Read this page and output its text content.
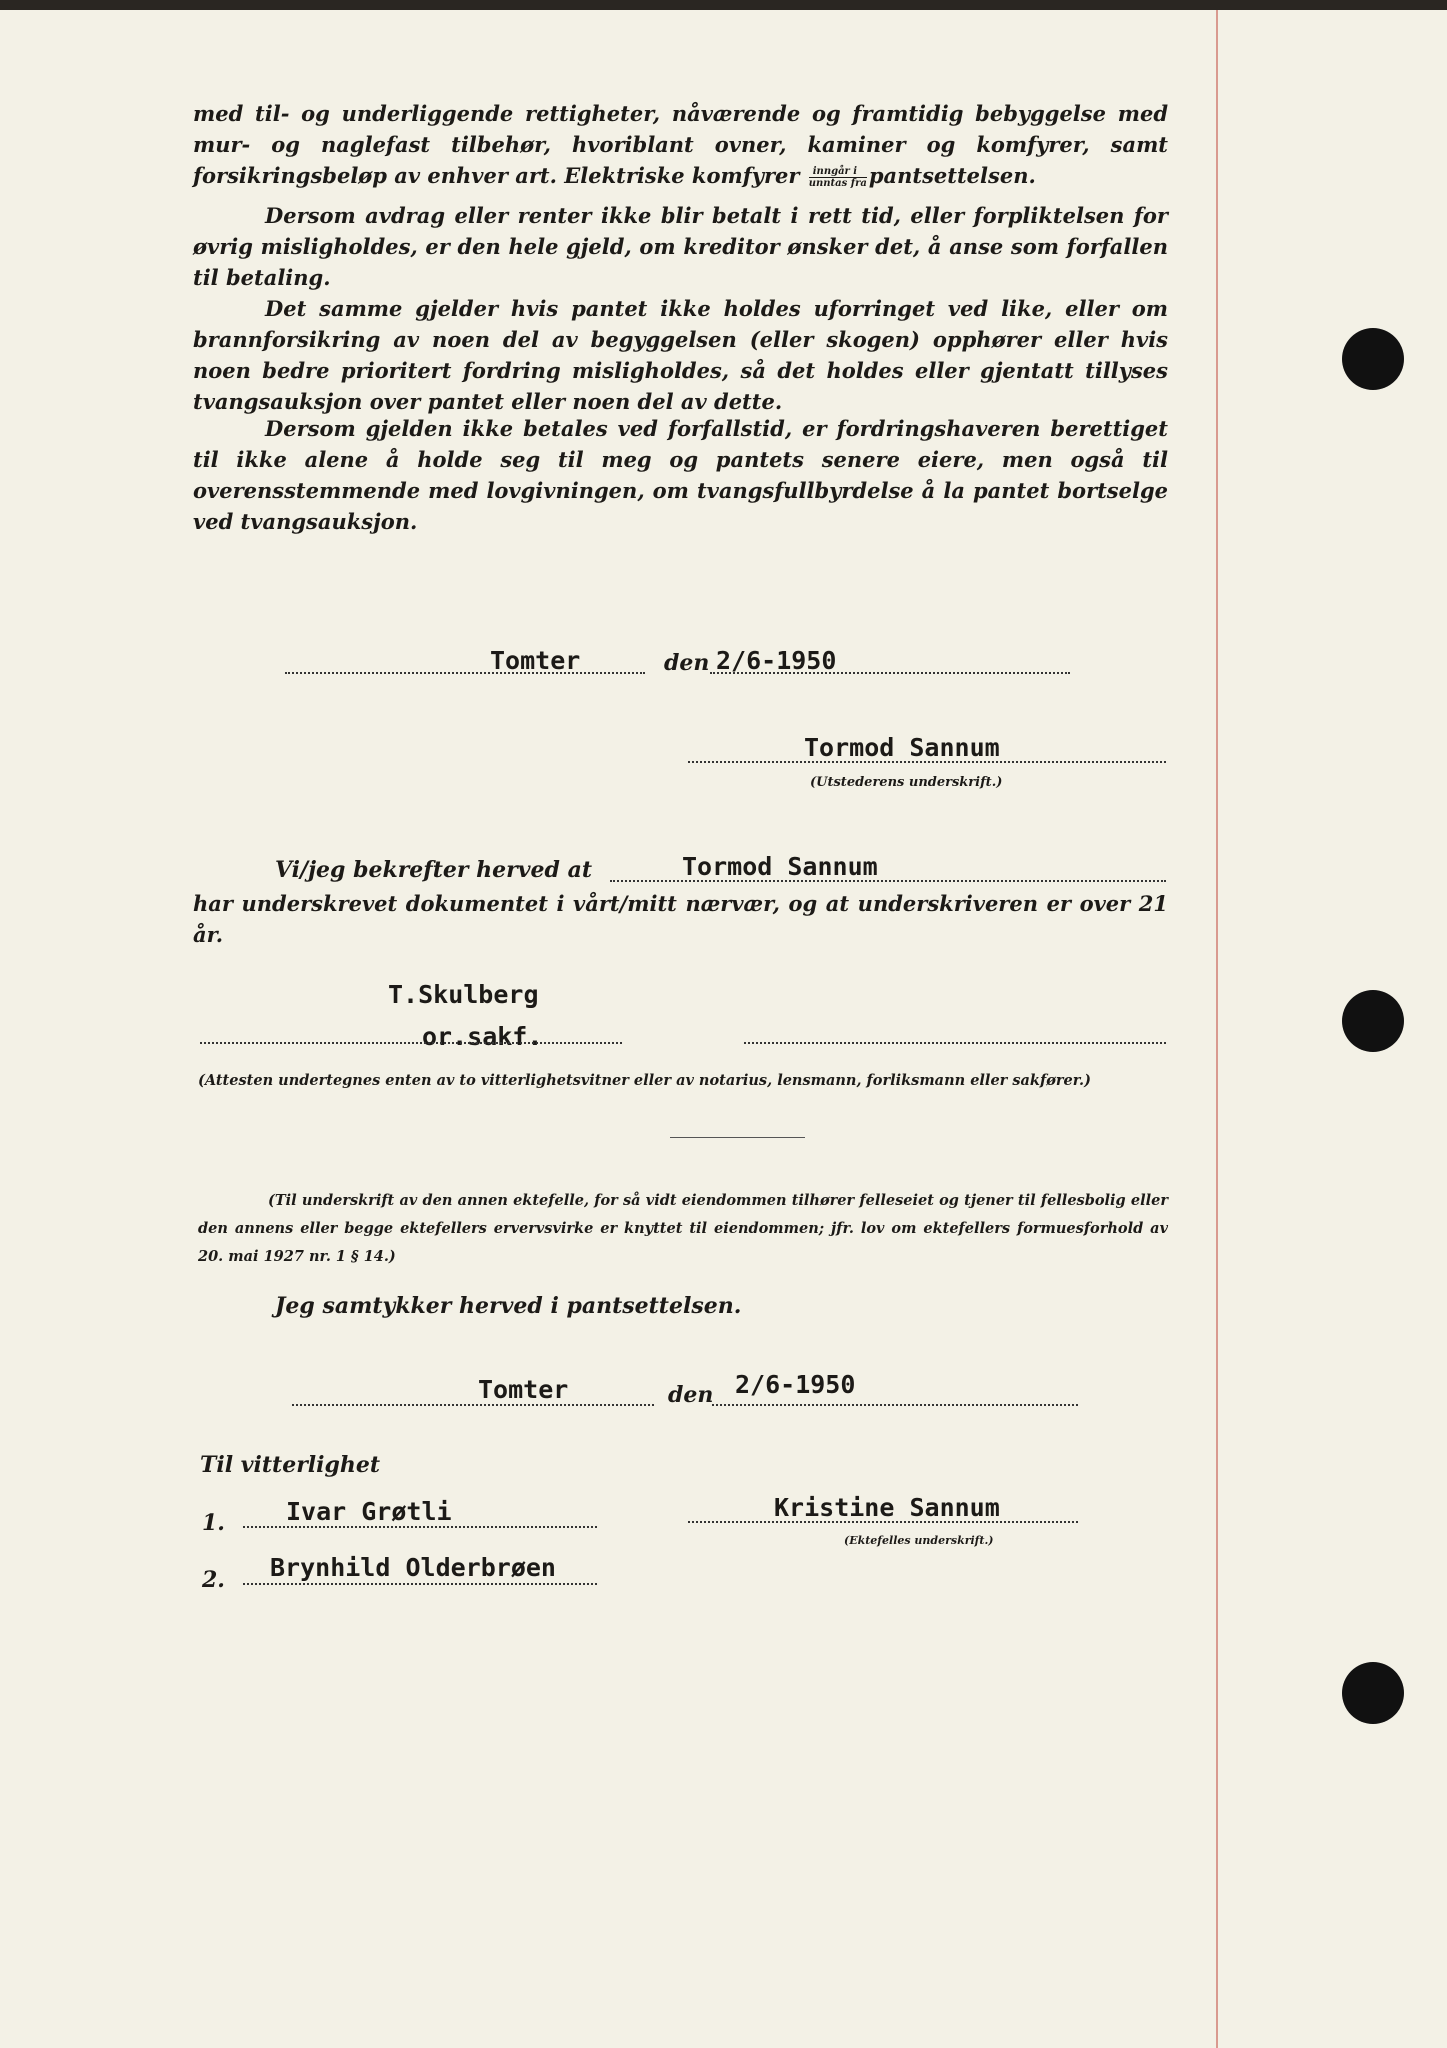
med til- og underliggende rettigheter, nåværende og framtidig bebyggelse med mur- og naglefast tilbehør, hvoriblant ovner, kaminer og komfyrer, samt forsikringsbeløp av enhver art. Elektriske komfyrer $\frac{\text{inngår i}}{\text{unntas fra}}$ pantsettelsen.
Dersom avdrag eller renter ikke blir betalt i rett tid, eller forpliktelsen for øvrig misligholdes, er den hele gjeld, om kreditor ønsker det, å anse som forfallen til betaling.
Det samme gjelder hvis pantet ikke holdes uforringet ved like, eller om brannforsikring av noen del av begyggelsen (eller skogen) opphører eller hvis noen bedre prioritert fordring misligholdes, så det holdes eller gjentatt tillyses tvangsauksjon over pantet eller noen del av dette.
Dersom gjelden ikke betales ved forfallstid, er fordringshaveren berettiget til ikke alene å holde seg til meg og pantets senere eiere, men også til overensstemmende med lovgivningen, om tvangsfullbyrdelse å la pantet bortselge ved tvangsauksjon.
Tomter	den 2/6-1950
Tormod Sannum
(Utstederens underskrift.)
Vi/jeg bekrefter herved at	Tormod Sannum
har underskrevet dokumentet i vårt/mitt nærvær, og at underskriveren er over 21 år.
T.Skulberg
or.sakf.
(Attesten undertegnes enten av to vitterlighetsvitner eller av notarius, lensmann, forliksmann eller sakfører.)
(Til underskrift av den annen ektefelle, for så vidt eiendommen tilhører felleseiet og tjener til fellesbolig eller den annens eller begge ektefellers ervervsvirke er knyttet til eiendommen; jfr. lov om ektefellers formuesforhold av 20. mai 1927 nr. 1 § 14.)
Jeg samtykker herved i pantsettelsen.
Tomter	den 2/6-1950
Til vitterlighet
1. Ivar Grøtli	Kristine Sannum
(Ektefelles underskrift.)
2. Brynhild Olderbrøen
